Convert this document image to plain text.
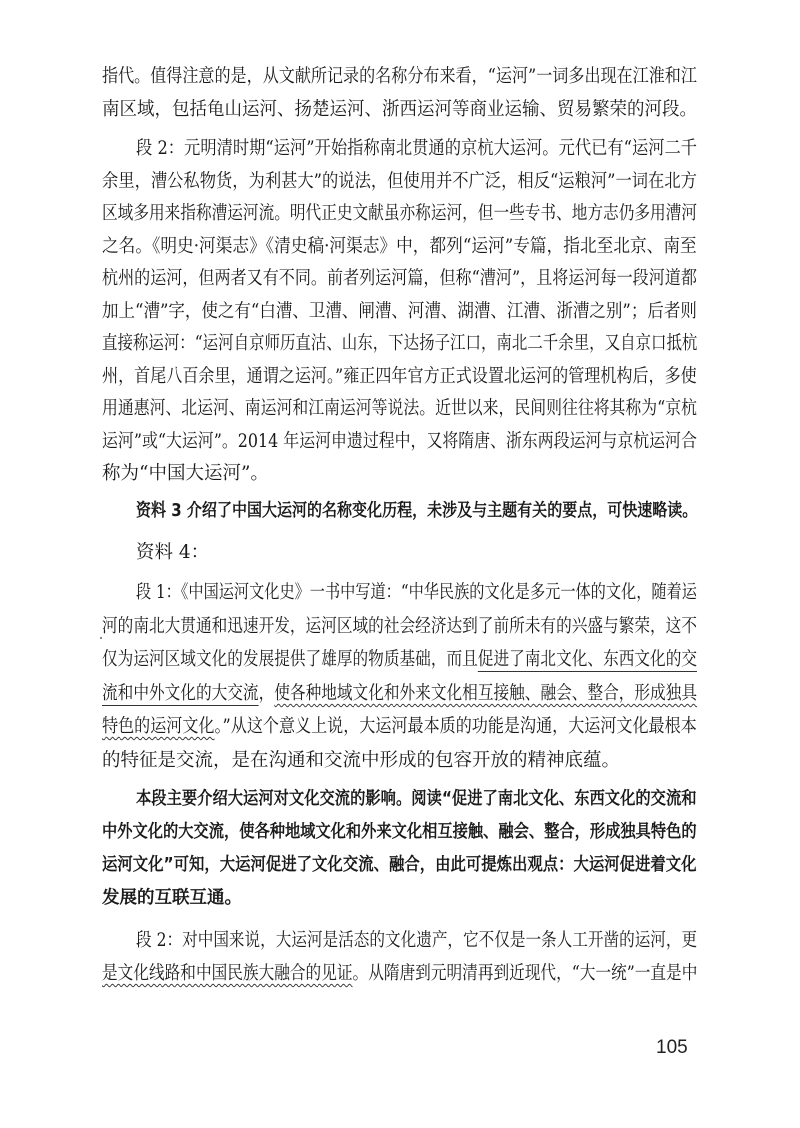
105
指代。值得注意的是，从文献所记录的名称分布来看，“运河”一词多出现在江淮和江
南区域，包括龟山运河、扬楚运河、浙西运河等商业运输、贸易繁荣的河段。
段 2：元明清时期“运河”开始指称南北贯通的京杭大运河。元代已有“运河二千
余里，漕公私物货，为利甚大”的说法，但使用并不广泛，相反“运粮河”一词在北方
区域多用来指称漕运河流。明代正史文献虽亦称运河，但一些专书、地方志仍多用漕河
之名。《明史·河渠志》《清史稿·河渠志》中，都列“运河”专篇，指北至北京、南至
杭州的运河，但两者又有不同。前者列运河篇，但称“漕河”，且将运河每一段河道都
加上“漕”字，使之有“白漕、卫漕、闸漕、河漕、湖漕、江漕、浙漕之别”；后者则
直接称运河：“运河自京师历直沽、山东，下达扬子江口，南北二千余里，又自京口抵杭
州，首尾八百余里，通谓之运河。”雍正四年官方正式设置北运河的管理机构后，多使
用通惠河、北运河、南运河和江南运河等说法。近世以来，民间则往往将其称为“京杭
运河”或“大运河”。2014 年运河申遗过程中，又将隋唐、浙东两段运河与京杭运河合
称为“中国大运河”。
资料 3 介绍了中国大运河的名称变化历程，未涉及与主题有关的要点，可快速略读。
资料 4：
段 1：《中国运河文化史》一书中写道：“中华民族的文化是多元一体的文化，随着运
河的南北大贯通和迅速开发，运河区域的社会经济达到了前所未有的兴盛与繁荣，这不
仅为运河区域文化的发展提供了雄厚的物质基础，而且促进了南北文化、东西文化的交
流和中外文化的大交流，使各种地域文化和外来文化相互接触、融会、整合，形成独具
特色的运河文化。”从这个意义上说，大运河最本质的功能是沟通，大运河文化最根本
的特征是交流，是在沟通和交流中形成的包容开放的精神底蕴。
本段主要介绍大运河对文化交流的影响。阅读“促进了南北文化、东西文化的交流和
中外文化的大交流，使各种地域文化和外来文化相互接触、融会、整合，形成独具特色的
运河文化”可知，大运河促进了文化交流、融合，由此可提炼出观点：大运河促进着文化
发展的互联互通。
段 2：对中国来说，大运河是活态的文化遗产，它不仅是一条人工开凿的运河，更
是文化线路和中国民族大融合的见证。从隋唐到元明清再到近现代，“大一统”一直是中
